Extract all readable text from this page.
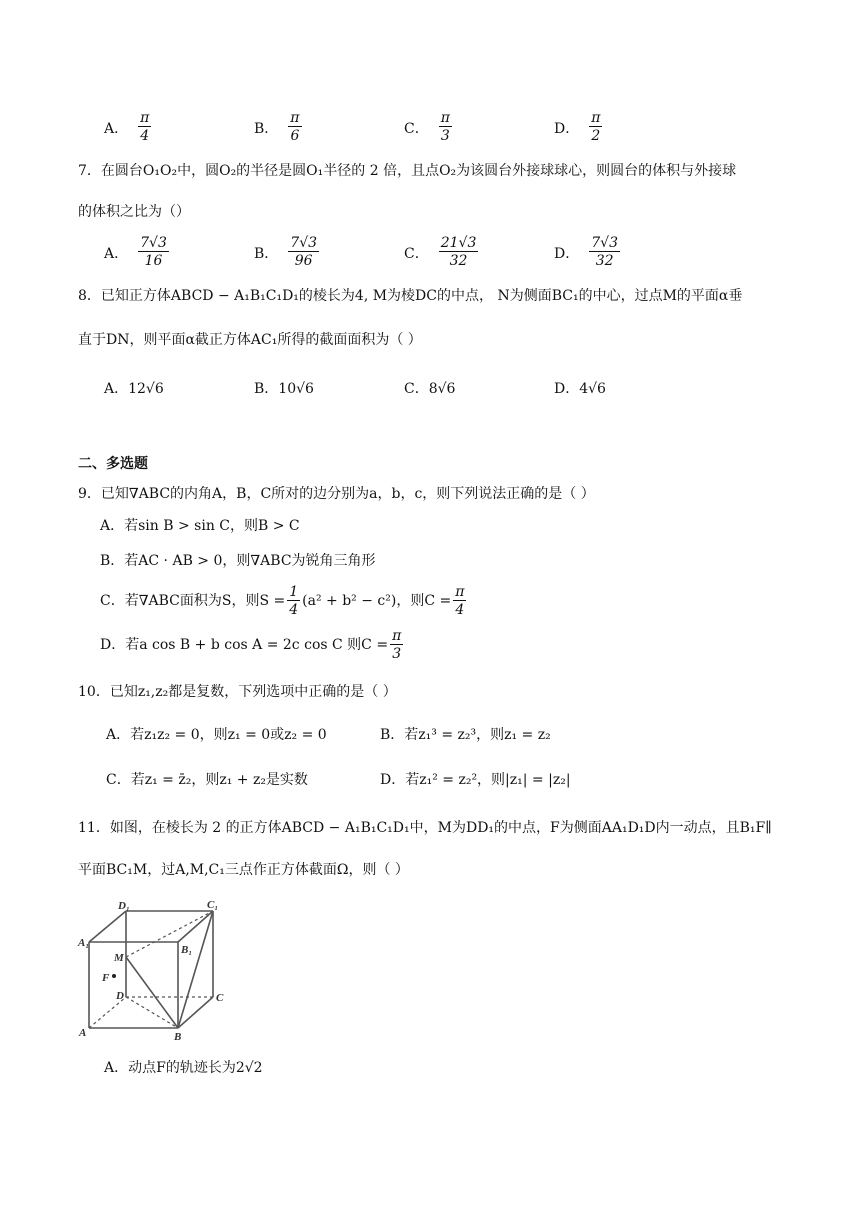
A． $\frac{\pi}{4}$	B． $\frac{\pi}{6}$	C． $\frac{\pi}{3}$	D． $\frac{\pi}{2}$
7．在圆台O₁O₂中，圆O₂的半径是圆O₁半径的 2 倍，且点O₂为该圆台外接球球心，则圆台的体积与外接球
的体积之比为（）
A． $\frac{7√3}{16}$	B． $\frac{7√3}{96}$	C． $\frac{21√3}{32}$	D． $\frac{7√3}{32}$
8．已知正方体ABCD − A₁B₁C₁D₁的棱长为4, M为棱DC的中点， N为侧面BC₁的中心，过点M的平面α垂
直于DN，则平面α截正方体AC₁所得的截面面积为（ ）
A．12√6	B．10√6	C．8√6	D．4√6
二、多选题
9．已知∇ABC的内角A，B，C所对的边分别为a，b，c，则下列说法正确的是（ ）
A．若sin B > sin C，则B > C
B．若AC · AB > 0，则∇ABC为锐角三角形
C．若∇ABC面积为S，则$S = \frac{1}{4} (a^2 + b^2 - c^2)$，则$C = \frac{\pi}{4}$
D．若a cos B + b cos A = 2c cos C 则$C = \frac{\pi}{3}$
10．已知z₁,z₂都是复数，下列选项中正确的是（ ）
A．若z₁z₂ = 0，则z₁ = 0或z₂ = 0	B．若z₁³ = z₂³，则z₁ = z₂
C．若z₁ = z̄₂，则z₁ + z₂是实数	D．若z₁² = z₂²，则|z₁| = |z₂|
11．如图，在棱长为 2 的正方体ABCD − A₁B₁C₁D₁中，M为DD₁的中点，F为侧面AA₁D₁D内一动点，且B₁F∥
平面BC₁M，过A,M,C₁三点作正方体截面Ω，则（ ）
D₁	C₁
A₁
B₁
M
F
D	C
A	B
A．动点F的轨迹长为2√2
